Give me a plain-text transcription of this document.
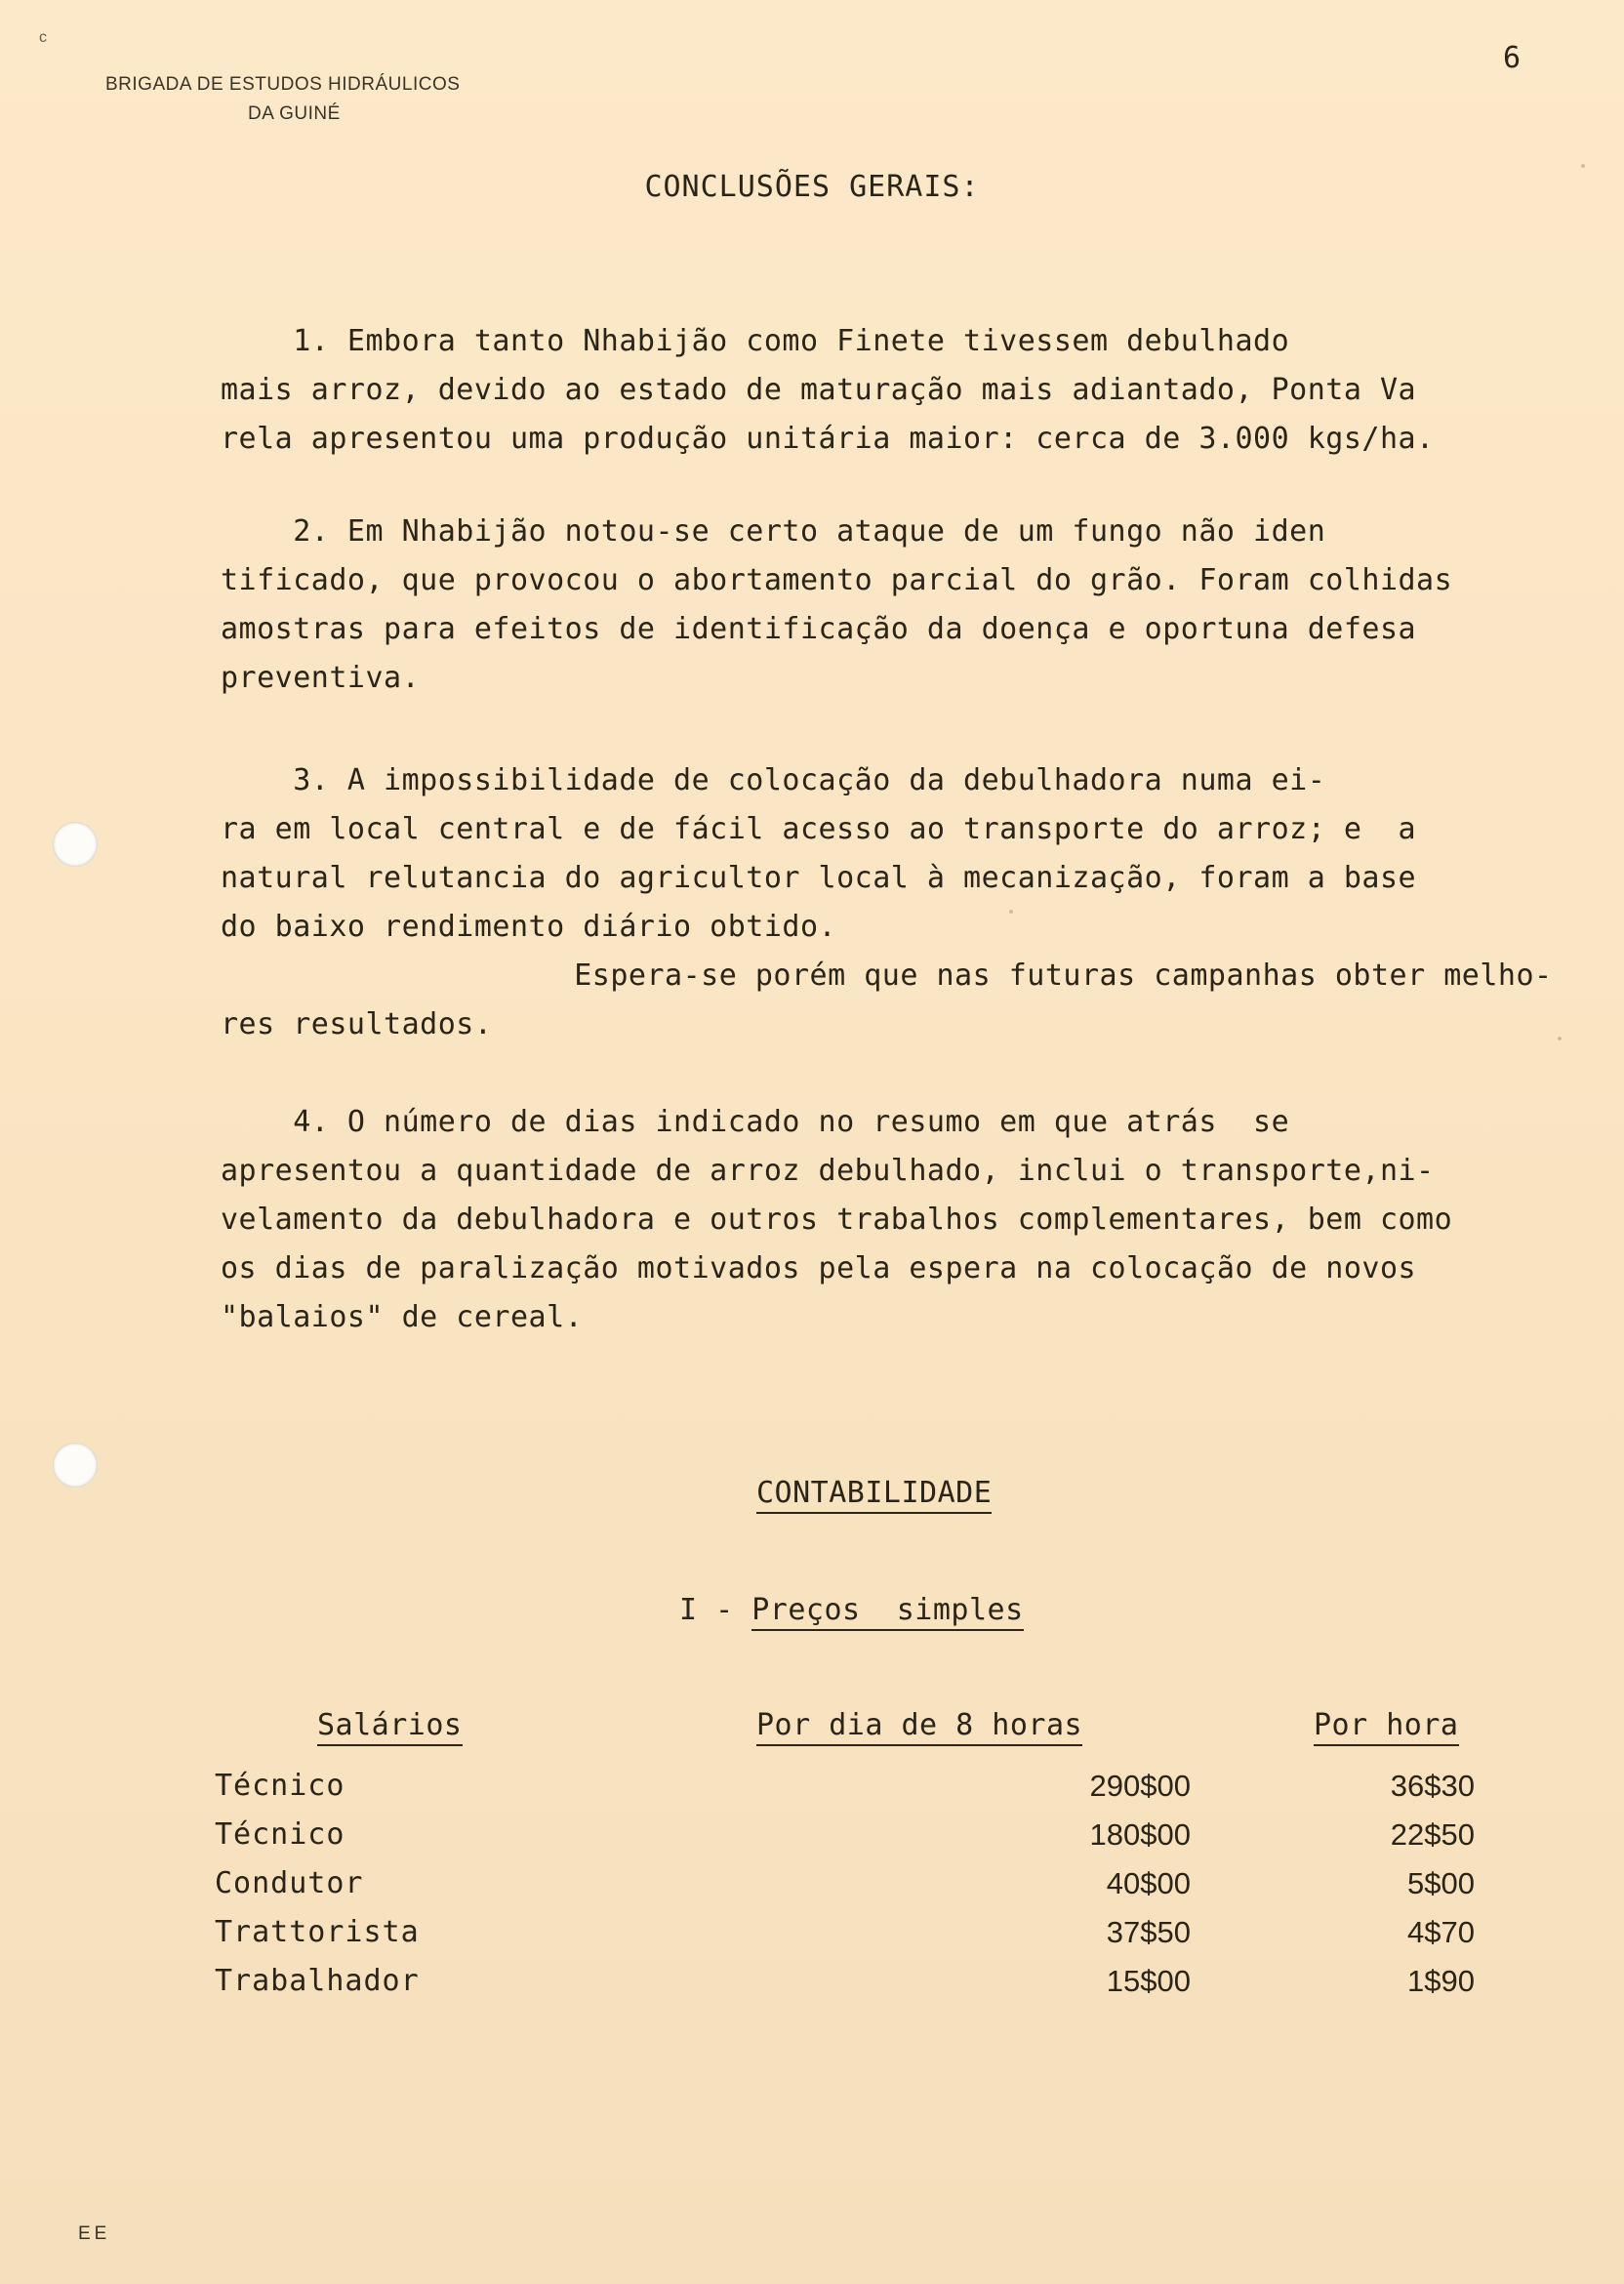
c
BRIGADA DE ESTUDOS HIDRÁULICOS
DA GUINÉ
6
CONCLUSÕES GERAIS:
1. Embora tanto Nhabijão como Finete tivessem debulhado
mais arroz, devido ao estado de maturação mais adiantado, Ponta Va
rela apresentou uma produção unitária maior: cerca de 3.000 kgs/ha.
2. Em Nhabijão notou-se certo ataque de um fungo não iden
tificado, que provocou o abortamento parcial do grão. Foram colhidas
amostras para efeitos de identificação da doença e oportuna defesa
preventiva.
3. A impossibilidade de colocação da debulhadora numa ei-
ra em local central e de fácil acesso ao transporte do arroz; e  a
natural relutancia do agricultor local à mecanização, foram a base
do baixo rendimento diário obtido.
Espera-se porém que nas futuras campanhas obter melho-
res resultados.
4. O número de dias indicado no resumo em que atrás  se
apresentou a quantidade de arroz debulhado, inclui o transporte,ni-
velamento da debulhadora e outros trabalhos complementares, bem como
os dias de paralização motivados pela espera na colocação de novos
"balaios" de cereal.
CONTABILIDADE
I - Preços  simples
Salários	Por dia de 8 horas	Por hora
Técnico	290$00	36$30
Técnico	180$00	22$50
Condutor	40$00	5$00
Trattorista	37$50	4$70
Trabalhador	15$00	1$90
EE
